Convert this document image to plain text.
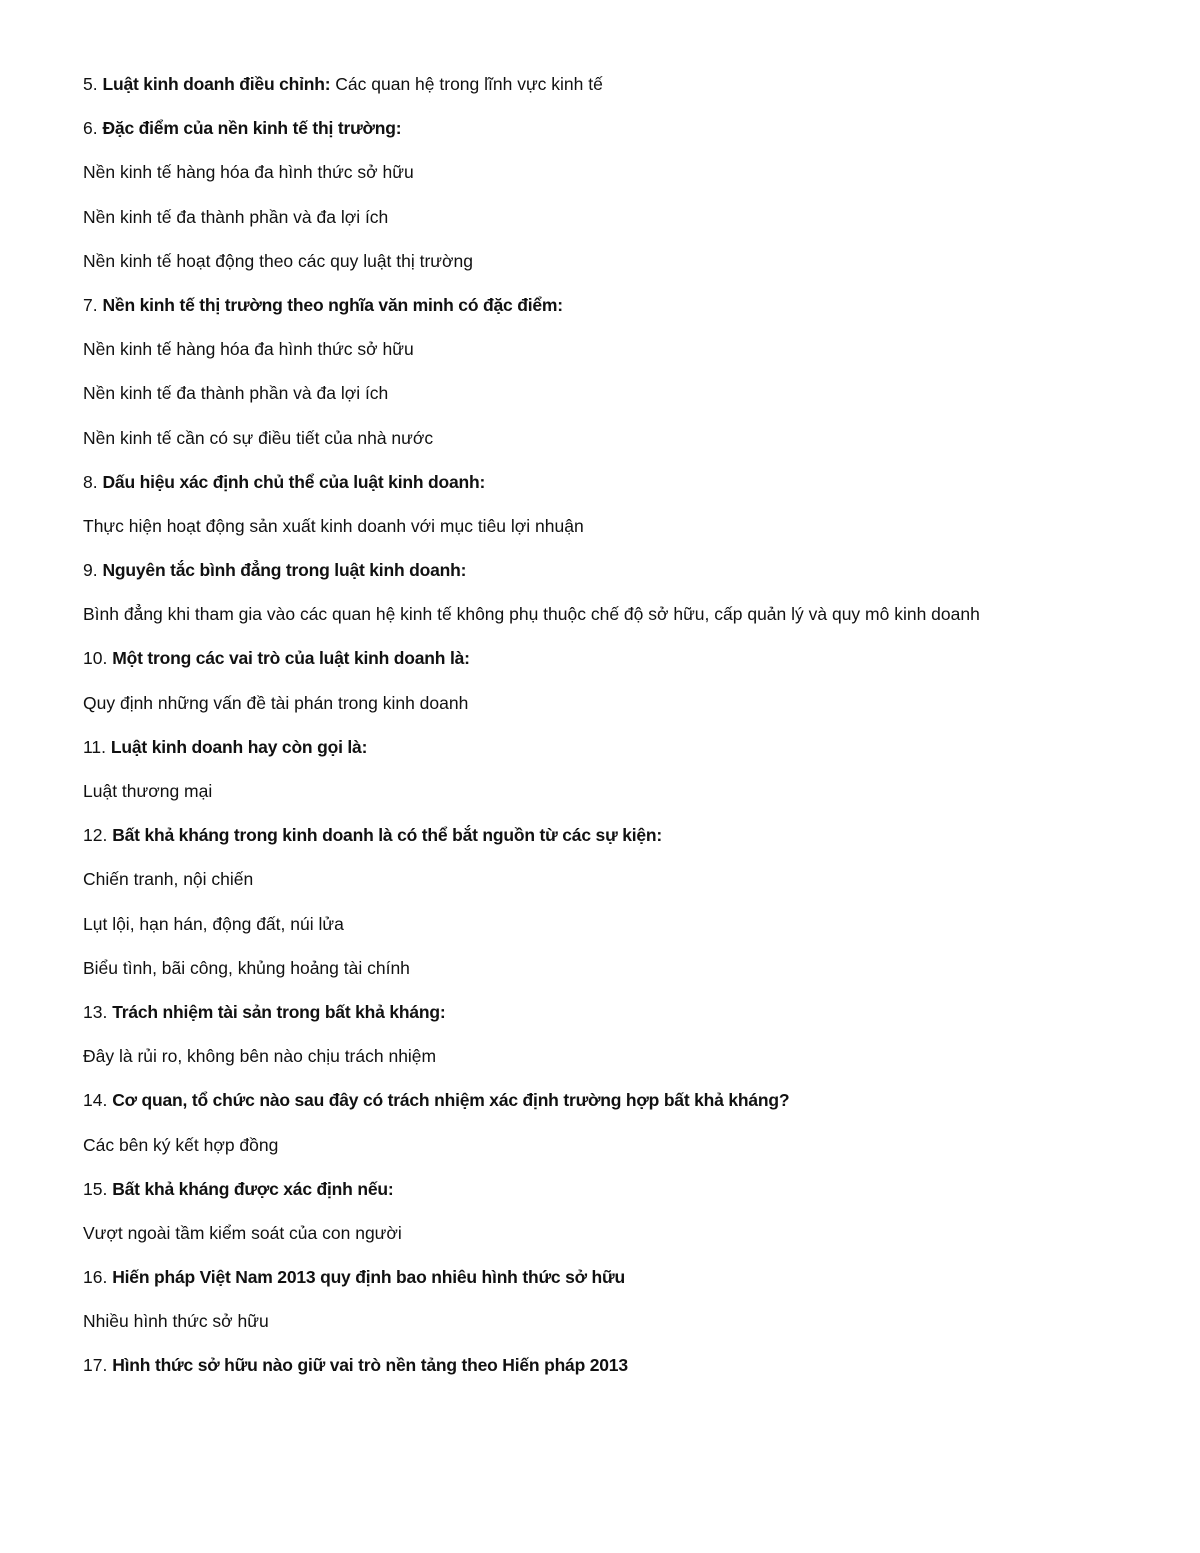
5. Luật kinh doanh điều chỉnh: Các quan hệ trong lĩnh vực kinh tế
6. Đặc điểm của nền kinh tế thị trường:
Nền kinh tế hàng hóa đa hình thức sở hữu
Nền kinh tế đa thành phần và đa lợi ích
Nền kinh tế hoạt động theo các quy luật thị trường
7. Nền kinh tế thị trường theo nghĩa văn minh có đặc điểm:
Nền kinh tế hàng hóa đa hình thức sở hữu
Nền kinh tế đa thành phần và đa lợi ích
Nền kinh tế cần có sự điều tiết của nhà nước
8. Dấu hiệu xác định chủ thể của luật kinh doanh:
Thực hiện hoạt động sản xuất kinh doanh với mục tiêu lợi nhuận
9. Nguyên tắc bình đẳng trong luật kinh doanh:
Bình đẳng khi tham gia vào các quan hệ kinh tế không phụ thuộc chế độ sở hữu, cấp quản lý và quy mô kinh doanh
10. Một trong các vai trò của luật kinh doanh là:
Quy định những vấn đề tài phán trong kinh doanh
11. Luật kinh doanh hay còn gọi là:
Luật thương mại
12. Bất khả kháng trong kinh doanh là có thể bắt nguồn từ các sự kiện:
Chiến tranh, nội chiến
Lụt lội, hạn hán, động đất, núi lửa
Biểu tình, bãi công, khủng hoảng tài chính
13. Trách nhiệm tài sản trong bất khả kháng:
Đây là rủi ro, không bên nào chịu trách nhiệm
14. Cơ quan, tổ chức nào sau đây có trách nhiệm xác định trường hợp bất khả kháng?
Các bên ký kết hợp đồng
15. Bất khả kháng được xác định nếu:
Vượt ngoài tầm kiểm soát của con người
16. Hiến pháp Việt Nam 2013 quy định bao nhiêu hình thức sở hữu
Nhiều hình thức sở hữu
17. Hình thức sở hữu nào giữ vai trò nền tảng theo Hiến pháp 2013
